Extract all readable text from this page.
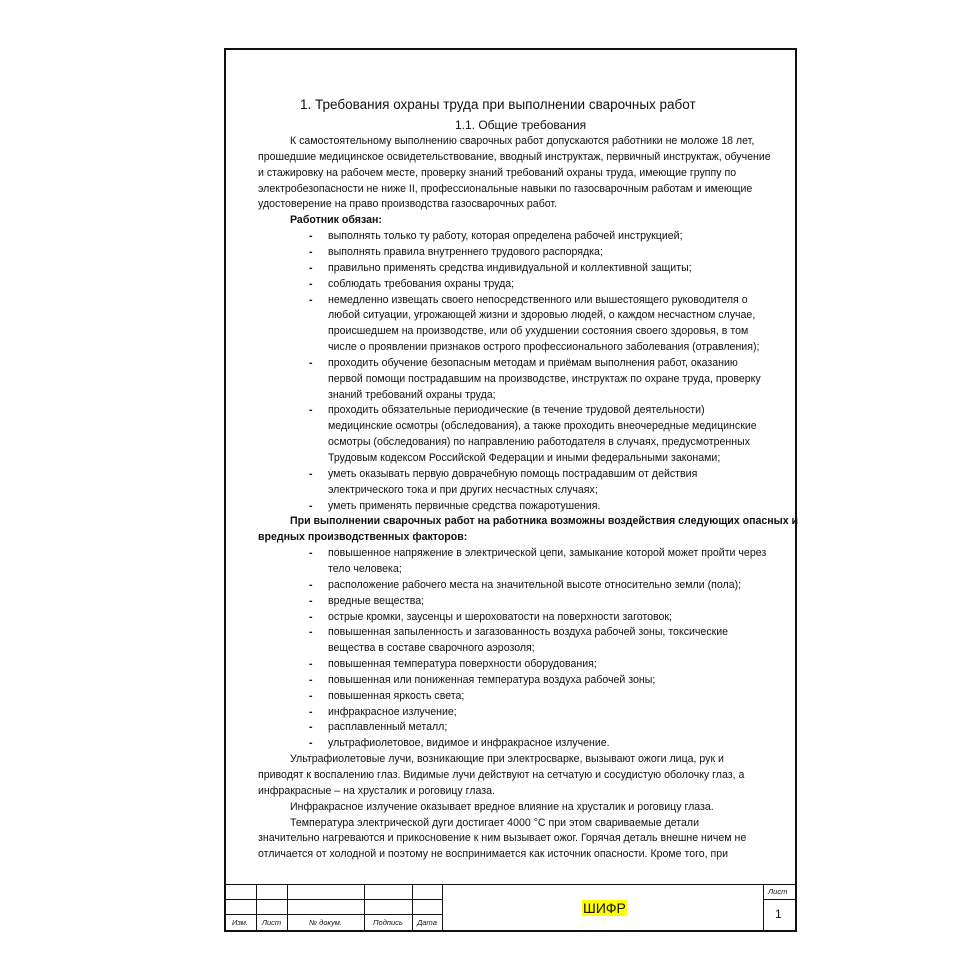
1. Требования охраны труда при выполнении сварочных работ
1.1. Общие требования
К самостоятельному выполнению сварочных работ допускаются работники не моложе 18 лет,
прошедшие медицинское освидетельствование, вводный инструктаж, первичный инструктаж, обучение
и стажировку на рабочем месте, проверку знаний требований охраны труда, имеющие группу по
электробезопасности не ниже II, профессиональные навыки по газосварочным работам и имеющие
удостоверение на право производства газосварочных работ.
Работник обязан:
- выполнять только ту работу, которая определена рабочей инструкцией;
- выполнять правила внутреннего трудового распорядка;
- правильно применять средства индивидуальной и коллективной защиты;
- соблюдать требования охраны труда;
- немедленно извещать своего непосредственного или вышестоящего руководителя о
любой ситуации, угрожающей жизни и здоровью людей, о каждом несчастном случае,
происшедшем на производстве, или об ухудшении состояния своего здоровья, в том
числе о проявлении признаков острого профессионального заболевания (отравления);
- проходить обучение безопасным методам и приёмам выполнения работ, оказанию
первой помощи пострадавшим на производстве, инструктаж по охране труда, проверку
знаний требований охраны труда;
- проходить обязательные периодические (в течение трудовой деятельности)
медицинские осмотры (обследования), а также проходить внеочередные медицинские
осмотры (обследования) по направлению работодателя в случаях, предусмотренных
Трудовым кодексом Российской Федерации и иными федеральными законами;
- уметь оказывать первую доврачебную помощь пострадавшим от действия
электрического тока и при других несчастных случаях;
- уметь применять первичные средства пожаротушения.
При выполнении сварочных работ на работника возможны воздействия следующих опасных и
вредных производственных факторов:
- повышенное напряжение в электрической цепи, замыкание которой может пройти через
тело человека;
- расположение рабочего места на значительной высоте относительно земли (пола);
- вредные вещества;
- острые кромки, заусенцы и шероховатости на поверхности заготовок;
- повышенная запыленность и загазованность воздуха рабочей зоны, токсические
вещества в составе сварочного аэрозоля;
- повышенная температура поверхности оборудования;
- повышенная или пониженная температура воздуха рабочей зоны;
- повышенная яркость света;
- инфракрасное излучение;
- расплавленный металл;
- ультрафиолетовое, видимое и инфракрасное излучение.
Ультрафиолетовые лучи, возникающие при электросварке, вызывают ожоги лица, рук и
приводят к воспалению глаз. Видимые лучи действуют на сетчатую и сосудистую оболочку глаз, а
инфракрасные – на хрусталик и роговицу глаза.
Инфракрасное излучение оказывает вредное влияние на хрусталик и роговицу глаза.
Температура электрической дуги достигает 4000 °С при этом свариваемые детали
значительно нагреваются и прикосновение к ним вызывает ожог. Горячая деталь внешне ничем не
отличается от холодной и поэтому не воспринимается как источник опасности. Кроме того, при
Изм.	Лист	№ докум.	Подпись	Дата
ШИФР
Лист
1
